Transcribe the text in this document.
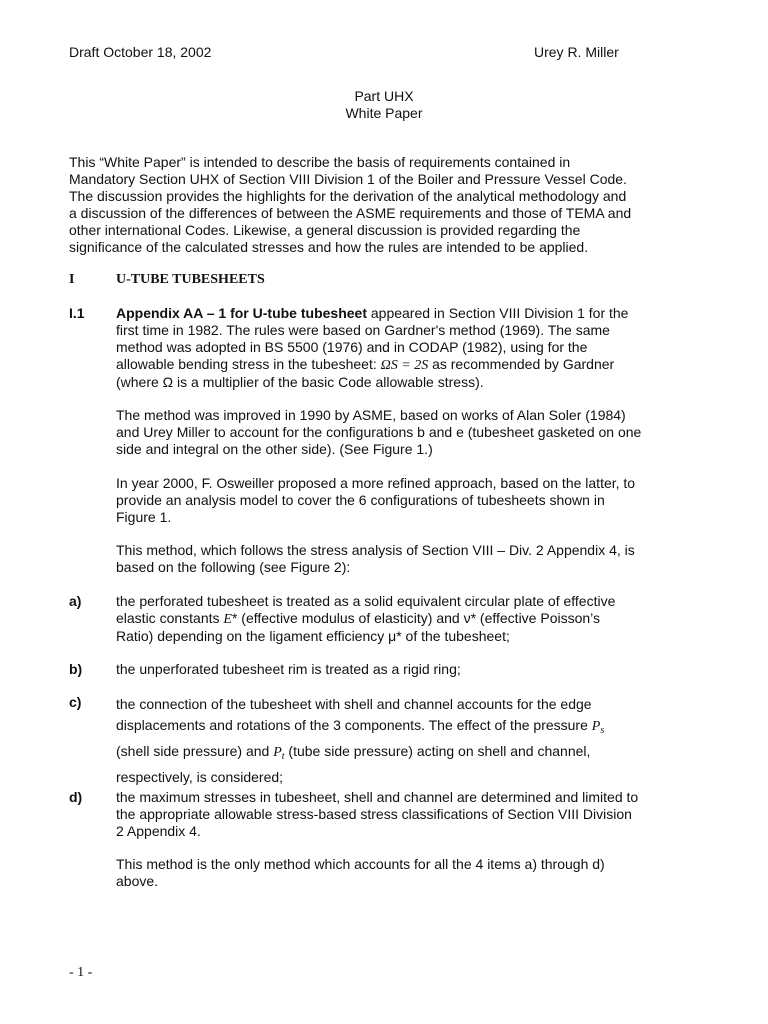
Draft October 18, 2002	Urey R. Miller
Part UHX
White Paper
This “White Paper” is intended to describe the basis of requirements contained in
Mandatory Section UHX of Section VIII Division 1 of the Boiler and Pressure Vessel Code.
The discussion provides the highlights for the derivation of the analytical methodology and
a discussion of the differences of between the ASME requirements and those of TEMA and
other international Codes. Likewise, a general discussion is provided regarding the
significance of the calculated stresses and how the rules are intended to be applied.
I	U-TUBE TUBESHEETS
I.1 Appendix AA – 1 for U-tube tubesheet appeared in Section VIII Division 1 for the
first time in 1982. The rules were based on Gardner's method (1969). The same
method was adopted in BS 5500 (1976) and in CODAP (1982), using for the
allowable bending stress in the tubesheet: ΩS = 2S as recommended by Gardner
(where Ω is a multiplier of the basic Code allowable stress).
The method was improved in 1990 by ASME, based on works of Alan Soler (1984)
and Urey Miller to account for the configurations b and e (tubesheet gasketed on one
side and integral on the other side). (See Figure 1.)
In year 2000, F. Osweiller proposed a more refined approach, based on the latter, to
provide an analysis model to cover the 6 configurations of tubesheets shown in
Figure 1.
This method, which follows the stress analysis of Section VIII – Div. 2 Appendix 4, is
based on the following (see Figure 2):
a) the perforated tubesheet is treated as a solid equivalent circular plate of effective
elastic constants E* (effective modulus of elasticity) and ν* (effective Poisson’s
Ratio) depending on the ligament efficiency μ* of the tubesheet;
b) the unperforated tubesheet rim is treated as a rigid ring;
c) the connection of the tubesheet with shell and channel accounts for the edge
displacements and rotations of the 3 components. The effect of the pressure $P_s$
(shell side pressure) and $P_t$ (tube side pressure) acting on shell and channel,
respectively, is considered;
d) the maximum stresses in tubesheet, shell and channel are determined and limited to
the appropriate allowable stress-based stress classifications of Section VIII Division
2 Appendix 4.
This method is the only method which accounts for all the 4 items a) through d)
above.
- 1 -
